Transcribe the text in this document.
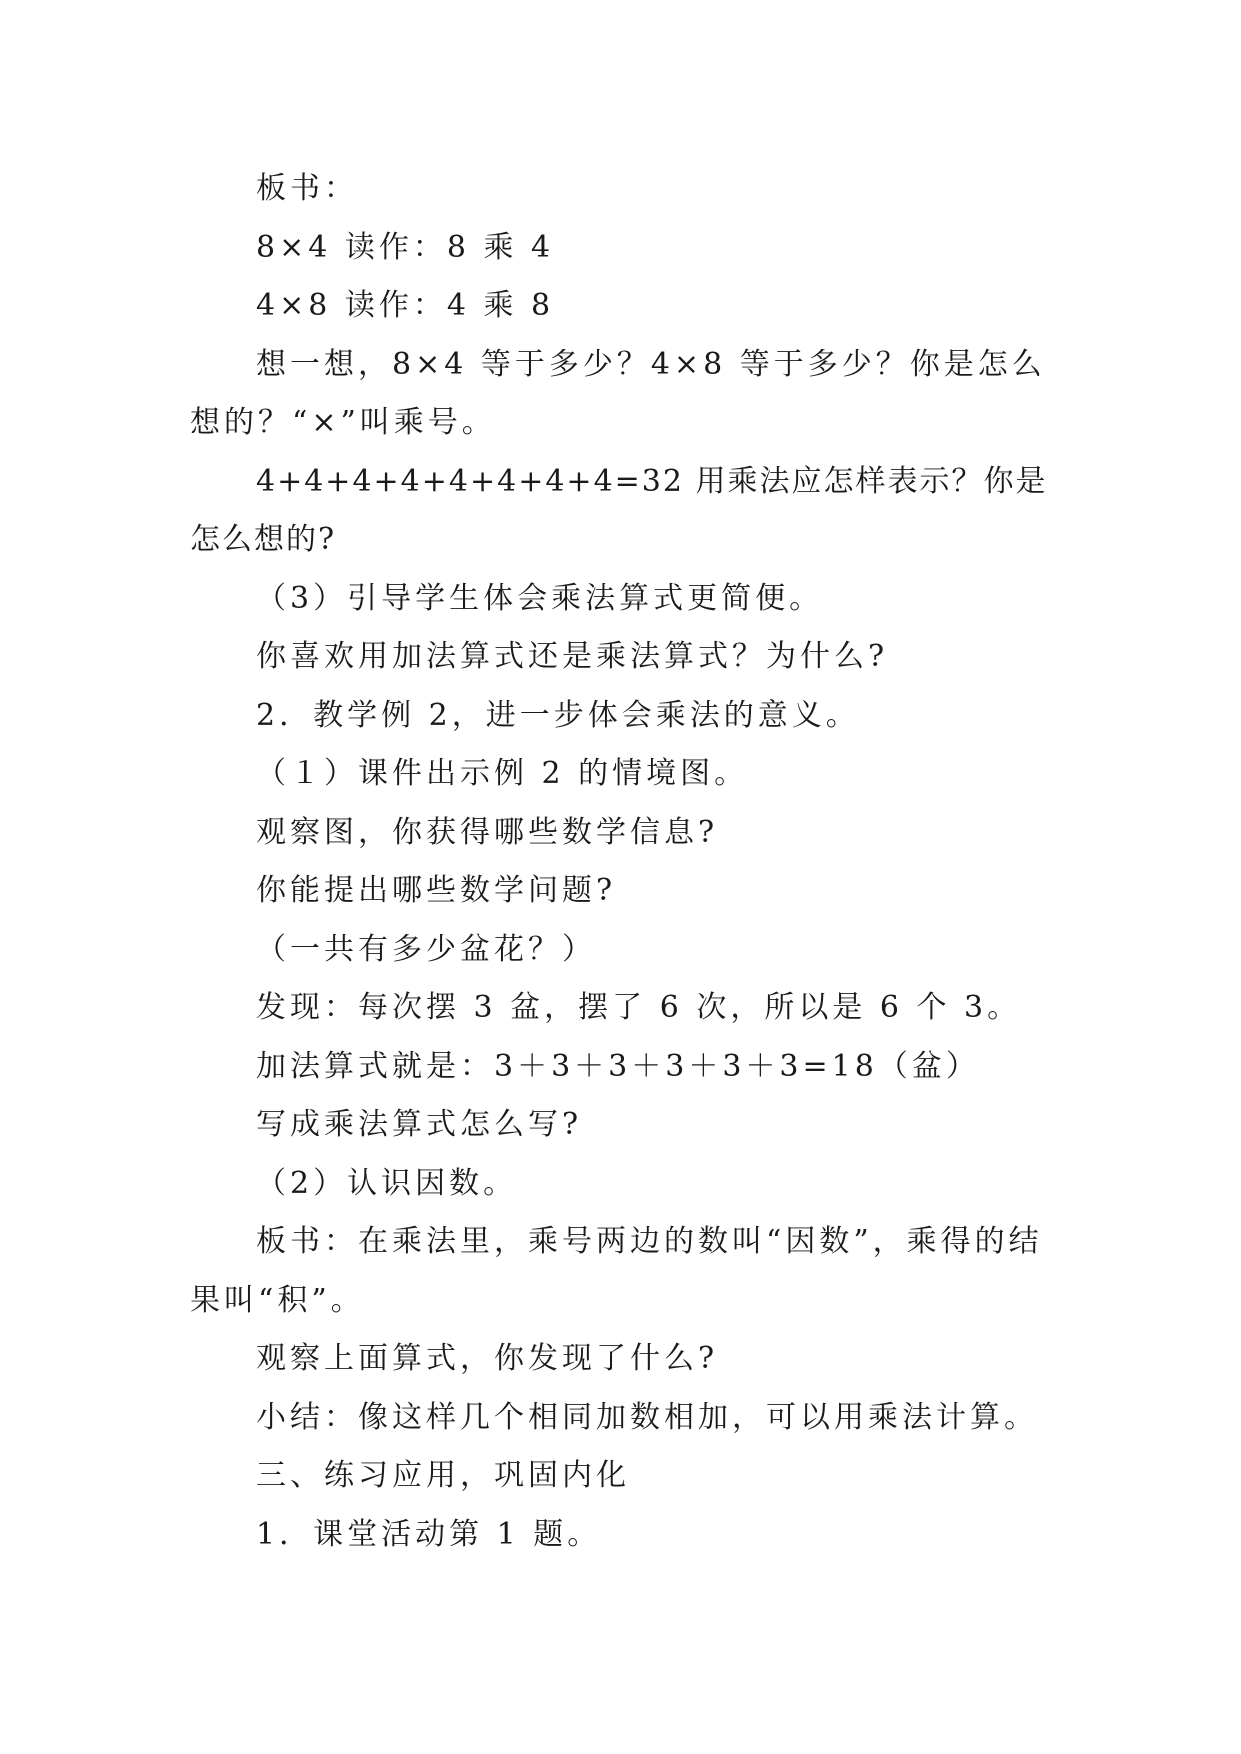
板书：

8×4 读作：8 乘 4

4×8 读作：4 乘 8

想一想，8×4 等于多少？4×8 等于多少？你是怎么想的？“×”叫乘号。

4+4+4+4+4+4+4+4=32 用乘法应怎样表示？你是怎么想的?

（3）引导学生体会乘法算式更简便。

你喜欢用加法算式还是乘法算式？为什么?

2．教学例 2，进一步体会乘法的意义。

（１）课件出示例 2 的情境图。

观察图，你获得哪些数学信息?

你能提出哪些数学问题?

（一共有多少盆花？）

发现：每次摆 3 盆，摆了 6 次，所以是 6 个 3。

加法算式就是：3＋3＋3＋3＋3＋3=18（盆）

写成乘法算式怎么写?

（2）认识因数。

板书：在乘法里，乘号两边的数叫“因数”，乘得的结果叫“积”。

观察上面算式，你发现了什么?

小结：像这样几个相同加数相加，可以用乘法计算。

三、练习应用，巩固内化

1．课堂活动第 1 题。
